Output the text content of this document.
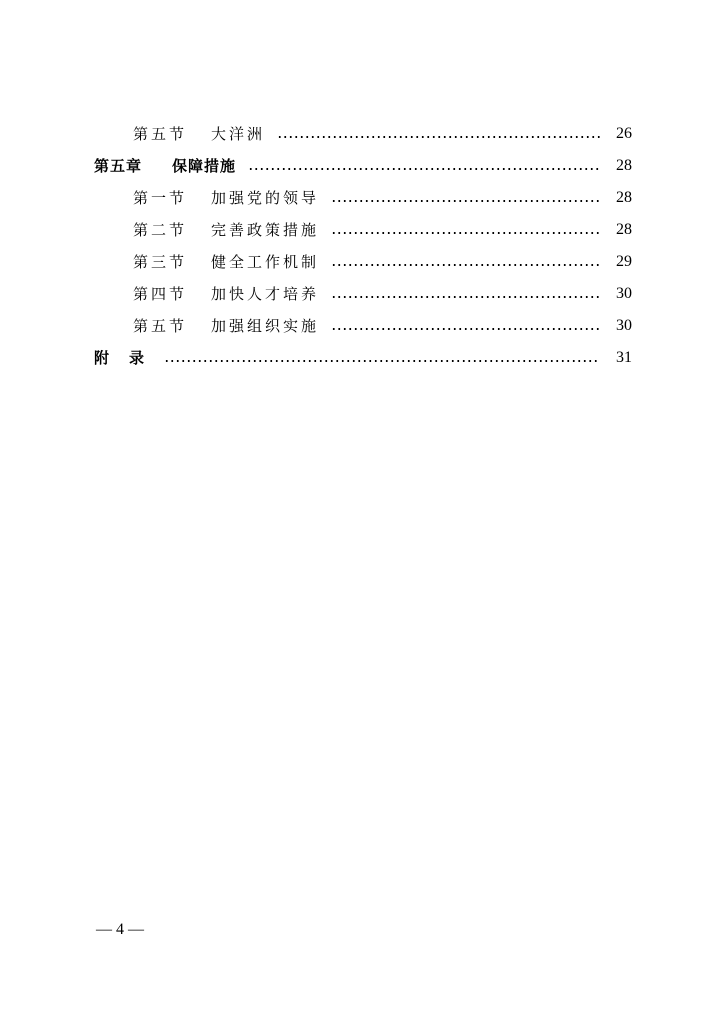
第五节	大洋洲	26
第五章	保障措施	28
第一节	加强党的领导	28
第二节	完善政策措施	28
第三节	健全工作机制	29
第四节	加快人才培养	30
第五节	加强组织实施	30
附 录	31
— 4 —
